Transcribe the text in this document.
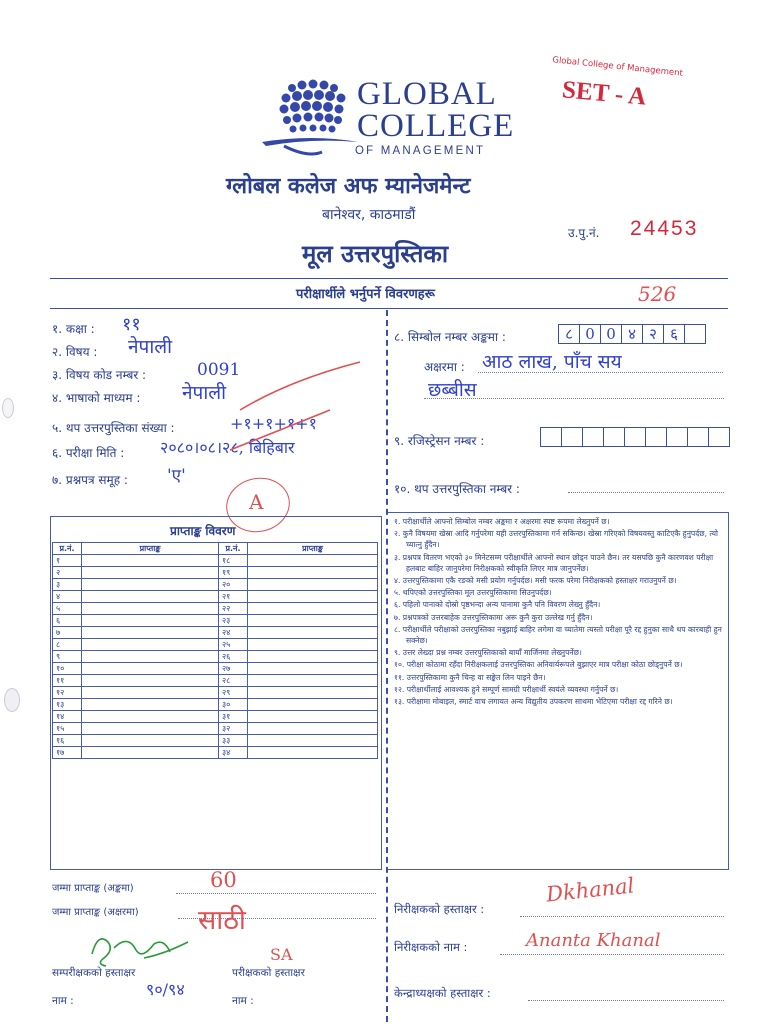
Global College of Management
SET - A
GLOBAL
COLLEGE
OF MANAGEMENT
ग्लोबल कलेज अफ म्यानेजमेन्ट
बानेश्वर, काठमाडौं
उ.पु.नं. 24453
मूल उत्तरपुस्तिका
परीक्षार्थीले भर्नुपर्ने विवरणहरू	526
१. कक्षा : ११
२. विषय : नेपाली
३. विषय कोड नम्बर :	0091
४. भाषाको माध्यम : नेपाली
५. थप उत्तरपुस्तिका संख्या :	+१+१+१+१
६. परीक्षा मिति : २०८०।०८।२८, बिहिबार
७. प्रश्नपत्र समूह : 'ए'
A
८. सिम्बोल नम्बर अङ्कमा :	८ 0 0 ४ २ ६
अक्षरमा : आठ लाख, पाँच सय
छब्बीस
९. रजिस्ट्रेसन नम्बर :
१०. थप उत्तरपुस्तिका नम्बर :
प्राप्ताङ्क विवरण
प्र.नं.	प्राप्ताङ्क	प्र.नं.	प्राप्ताङ्क
१		१८	
२		१९	
३		२०	
४		२१	
५		२२	
६		२३	
७		२४	
८		२५	
९		२६	
१०		२७	
११		२८	
१२		२९	
१३		३०	
१४		३१	
१५		३२	
१६		३३	
१७		३४	
१. परीक्षार्थीले आफ्नो सिम्बोल नम्बर अङ्कमा र अक्षरमा स्पष्ट रूपमा लेख्नुपर्ने छ।
२. कुनै विषयमा खेस्रा आदि गर्नुपरेमा यही उत्तरपुस्तिकामा गर्न सकिन्छ। खेस्रा गरिएको विषयवस्तु काटिएकै हुनुपर्दछ, त्यो च्यात्नु हुँदैन।
३. प्रश्नपत्र वितरण भएको ३० मिनेटसम्म परीक्षार्थीले आफ्नो स्थान छोड्न पाउने छैन। तर यसपछि कुनै कारणवश परीक्षा हलबाट बाहिर जानुपरेमा निरीक्षकको स्वीकृति लिएर मात्र जानुपर्नेछ।
४. उत्तरपुस्तिकामा एकै रङको मसी प्रयोग गर्नुपर्दछ। मसी फरक परेमा निरीक्षकको हस्ताक्षर गराउनुपर्ने छ।
५. थपिएको उत्तरपुस्तिका मूल उत्तरपुस्तिकामा सिउनुपर्दछ।
६. पहिलो पानाको दोस्रो पृष्ठभन्दा अन्य पानामा कुनै पनि विवरण लेख्नु हुँदैन।
७. प्रश्नपत्रको उत्तरबाहेक उत्तरपुस्तिकामा अरू कुनै कुरा उल्लेख गर्नु हुँदैन।
८. परीक्षार्थीले परीक्षाको उत्तरपुस्तिका नबुझाई बाहिर लगेमा वा च्यातेमा त्यस्तो परीक्षा पूरै रद्द हुनुका साथै थप कारबाही हुन सक्नेछ।
९. उत्तर लेख्दा प्रश्न नम्बर उत्तरपुस्तिकाको बायाँ मार्जिनमा लेख्नुपर्नेछ।
१०. परीक्षा कोठामा रहँदा निरीक्षकलाई उत्तरपुस्तिका अनिवार्यरूपले बुझाएर मात्र परीक्षा कोठा छोड्नुपर्ने छ।
११. उत्तरपुस्तिकामा कुनै चिन्ह वा सङ्केत लिन पाइने छैन।
१२. परीक्षार्थीलाई आवश्यक हुने सम्पूर्ण सामग्री परीक्षार्थी स्वयंले व्यवस्था गर्नुपर्ने छ।
१३. परीक्षामा मोबाइल, स्मार्ट वाच लगायत अन्य विद्युतीय उपकरण साथमा भेटिएमा परीक्षा रद्द गरिने छ।
जम्मा प्राप्ताङ्क (अङ्कमा)	60
जम्मा प्राप्ताङ्क (अक्षरमा) साठी
SA
सम्परीक्षकको हस्ताक्षर	परीक्षकको हस्ताक्षर
नाम :
९०/९४
नाम :
निरीक्षकको हस्ताक्षर :
Dkhanal
निरीक्षकको नाम :	Ananta Khanal
केन्द्राध्यक्षको हस्ताक्षर :
